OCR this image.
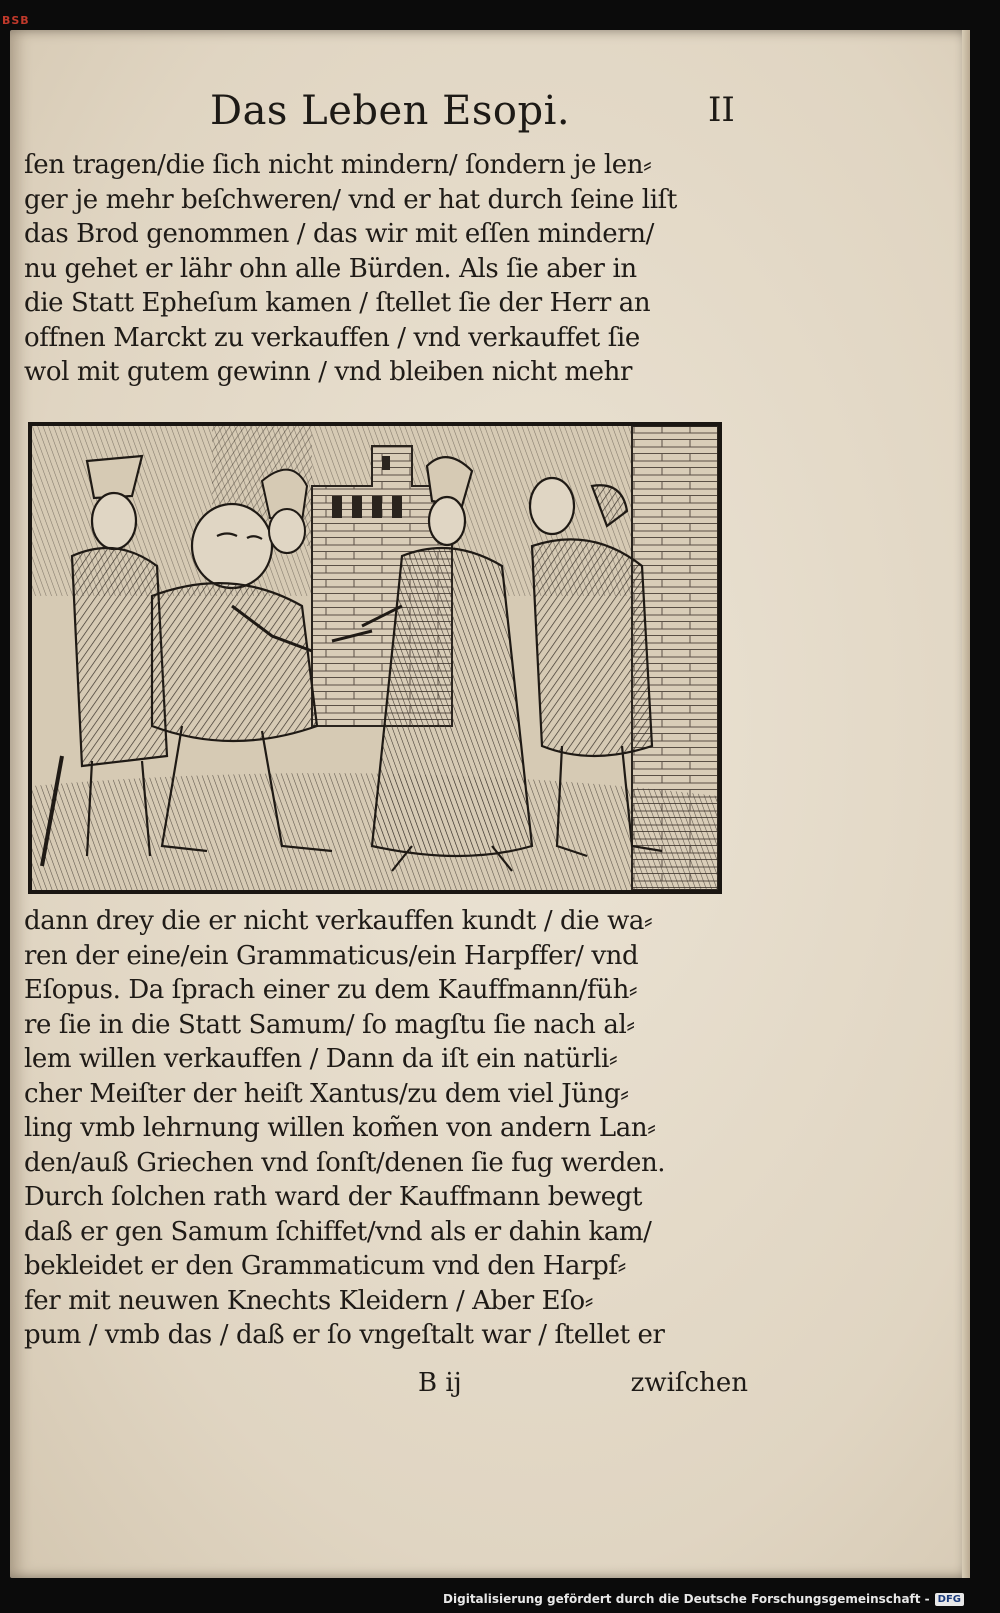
BSB
Das Leben Esopi.	II
ſen tragen/die ſich nicht mindern/ ſondern je len⸗
ger je mehr beſchweren/ vnd er hat durch ſeine liſt
das Brod genommen / das wir mit eſſen mindern/
nu gehet er lähr ohn alle Bürden. Als ſie aber in
die Statt Epheſum kamen / ſtellet ſie der Herr an
offnen Marckt zu verkauffen / vnd verkauffet ſie
wol mit gutem gewinn / vnd bleiben nicht mehr
dann drey die er nicht verkauffen kundt / die wa⸗
ren der eine/ein Grammaticus/ein Harpffer/ vnd
Eſopus. Da ſprach einer zu dem Kauffmann/füh⸗
re ſie in die Statt Samum/ ſo magſtu ſie nach al⸗
lem willen verkauffen / Dann da iſt ein natürli⸗
cher Meiſter der heiſt Xantus/zu dem viel Jüng⸗
ling vmb lehrnung willen kom̃en von andern Lan⸗
den/auß Griechen vnd ſonſt/denen ſie fug werden.
Durch ſolchen rath ward der Kauffmann bewegt
daß er gen Samum ſchiffet/vnd als er dahin kam/
bekleidet er den Grammaticum vnd den Harpf⸗
fer mit neuwen Knechts Kleidern / Aber Eſo⸗
pum / vmb das / daß er ſo vngeſtalt war / ſtellet er
B ij	zwiſchen
Digitalisierung gefördert durch die Deutsche Forschungsgemeinschaft - DFG
